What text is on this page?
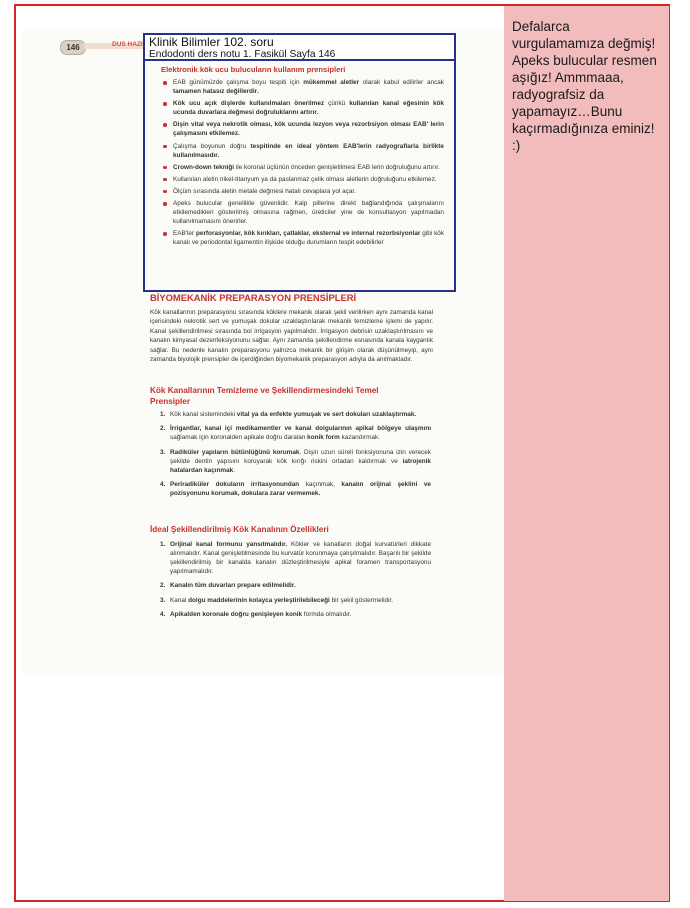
Defalarca vurgulamamıza değmiş! Apeks bulucular resmen aşığız! Ammmaaa, radyografsiz da yapamayız…Bunu kaçırmadığınıza eminiz! :)
146	DUS HAZI Klinik Bilimler 102. soru
Endodonti ders notu 1. Fasikül Sayfa 146

Elektronik kök ucu bulucuların kullanım prensipleri

EAB günümüzde çalışma boyu tespiti için mükemmel aletler olarak kabul edilirler ancak tamamen hatasız değillerdir.
Kök ucu açık dişlerde kullanılmaları önerilmez çünkü kullanılan kanal eğesinin kök ucunda duvarlara değmesi doğruluklarını artırır.
Dişin vital veya nekrotik olması, kök ucunda lezyon veya rezorbsiyon olması EAB' lerin çalışmasını etkilemez.
Çalışma boyunun doğru tespitinde en ideal yöntem EAB'lerin radyograflarla birlikte kullanılmasıdır.
Crown-down tekniği ile koronal üçlünün önceden genişletilmesi EAB lerin doğruluğunu artırır.
Kullanılan aletin nikel-titanyum ya da paslanmaz çelik olması aletlerin doğruluğunu etkilemez.
Ölçüm sırasında aletin metale değmesi hatalı cevaplara yol açar.
Apeks bulucular genellikle güvenlidir. Kalp pillerine direkt bağlandığında çalışmalarını etkilemedikleri gösterilmiş olmasına rağmen, üreticiler yine de konsultasyon yapılmadan kullanılmamasını önerirler.
EAB'ler perforasyonlar, kök kırıkları, çatlaklar, eksternal ve internal rezorbsiyonlar gibi kök kanalı ve periodontal ligamentin ilişkide olduğu durumların tespit edebilirler

BİYOMEKANİK PREPARASYON PRENSİPLERİ

Kök kanallarının preparasyonu sırasında köklere mekanik olarak şekil verilirken aynı zamanda kanal içerisindeki nekrotik sert ve yumuşak dokular uzaklaştırılarak mekanik temizleme işlemi de yapılır. Kanal şekillendirilmesi sırasında bol irrigasyon yapılmalıdır. İrrigasyon debrisin uzaklaştırılmasını ve kanalın kimyasal dezenfeksiyonunu sağlar. Aynı zamanda şekillendirme esnasında kanala kayganlık sağlar. Bu nedenle kanalın preparasyonu yalnızca mekanik bir girişim olarak düşünülmeyip, aynı zamanda biyolojik prensipler de içerdiğinden biyomekanik preparasyon adıyla da anılmaktadır.

Kök Kanallarının Temizleme ve Şekillendirmesindeki Temel Prensipler

1. Kök kanal sistemindeki vital ya da enfekte yumuşak ve sert dokuları uzaklaştırmak.
2. İrrigantlar, kanal içi medikamentler ve kanal dolgularının apikal bölgeye ulaşmını sağlamak için koronalden apikale doğru daralan konik form kazandırmak.
3. Radiküler yapıların bütünlüğünü korumak. Dişin uzun süreli fonksiyonuna izin verecek şekilde dentin yapısını koruyarak kök kırığı riskini ortadan kaldırmak ve iatrojenik hatalardan kaçınmak.
4. Periradiküler dokuların irritasyonundan kaçınmak, kanalın orijinal şeklini ve pozisyonunu korumak, dokulara zarar vermemek.

İdeal Şekillendirilmiş Kök Kanalının Özellikleri

1. Orijinal kanal formunu yansıtmalıdır. Kökler ve kanalların doğal kurvatürleri dikkate alınmalıdır. Kanal genişletilmesinde bu kurvatür korunmaya çalışılmalıdır. Başarılı bir şekilde şekillendirilmiş bir kanalda kanalın düzleştirilmesiyle apikal foramen transportasyonu yapılmamalıdır.
2. Kanalın tüm duvarları prepare edilmelidir.
3. Kanal dolgu maddelerinin kolayca yerleştirilebileceği bir şekil göstermelidir.
4. Apikalden koronale doğru genişleyen konik formda olmalıdır.
